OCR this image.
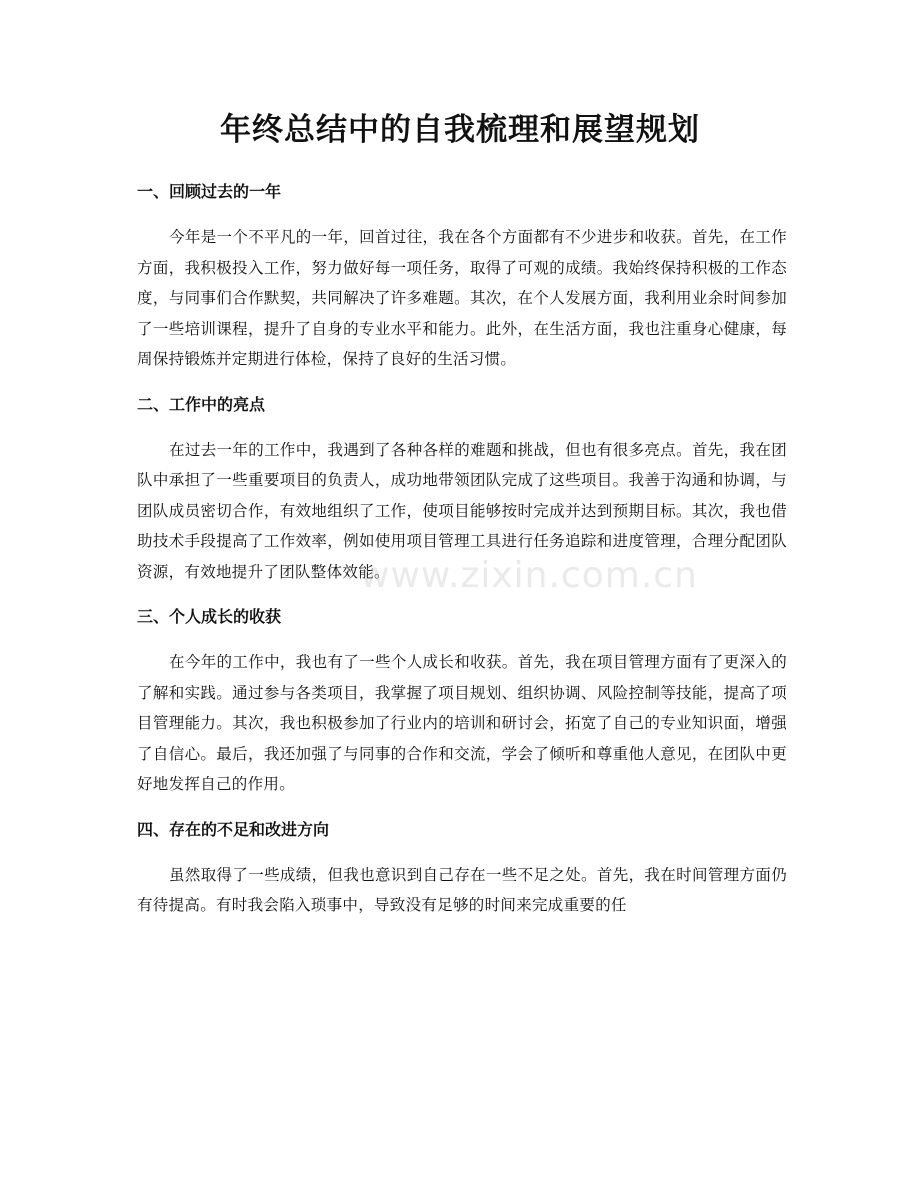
年终总结中的自我梳理和展望规划

一、回顾过去的一年

今年是一个不平凡的一年，回首过往，我在各个方面都有不少进步和收获。首先，在工作方面，我积极投入工作，努力做好每一项任务，取得了可观的成绩。我始终保持积极的工作态度，与同事们合作默契，共同解决了许多难题。其次，在个人发展方面，我利用业余时间参加了一些培训课程，提升了自身的专业水平和能力。此外，在生活方面，我也注重身心健康，每周保持锻炼并定期进行体检，保持了良好的生活习惯。

二、工作中的亮点

在过去一年的工作中，我遇到了各种各样的难题和挑战，但也有很多亮点。首先，我在团队中承担了一些重要项目的负责人，成功地带领团队完成了这些项目。我善于沟通和协调，与团队成员密切合作，有效地组织了工作，使项目能够按时完成并达到预期目标。其次，我也借助技术手段提高了工作效率，例如使用项目管理工具进行任务追踪和进度管理，合理分配团队资源，有效地提升了团队整体效能。

三、个人成长的收获

在今年的工作中，我也有了一些个人成长和收获。首先，我在项目管理方面有了更深入的了解和实践。通过参与各类项目，我掌握了项目规划、组织协调、风险控制等技能，提高了项目管理能力。其次，我也积极参加了行业内的培训和研讨会，拓宽了自己的专业知识面，增强了自信心。最后，我还加强了与同事的合作和交流，学会了倾听和尊重他人意见，在团队中更好地发挥自己的作用。

四、存在的不足和改进方向

虽然取得了一些成绩，但我也意识到自己存在一些不足之处。首先，我在时间管理方面仍有待提高。有时我会陷入琐事中，导致没有足够的时间来完成重要的任

www.zixin.com.cn
